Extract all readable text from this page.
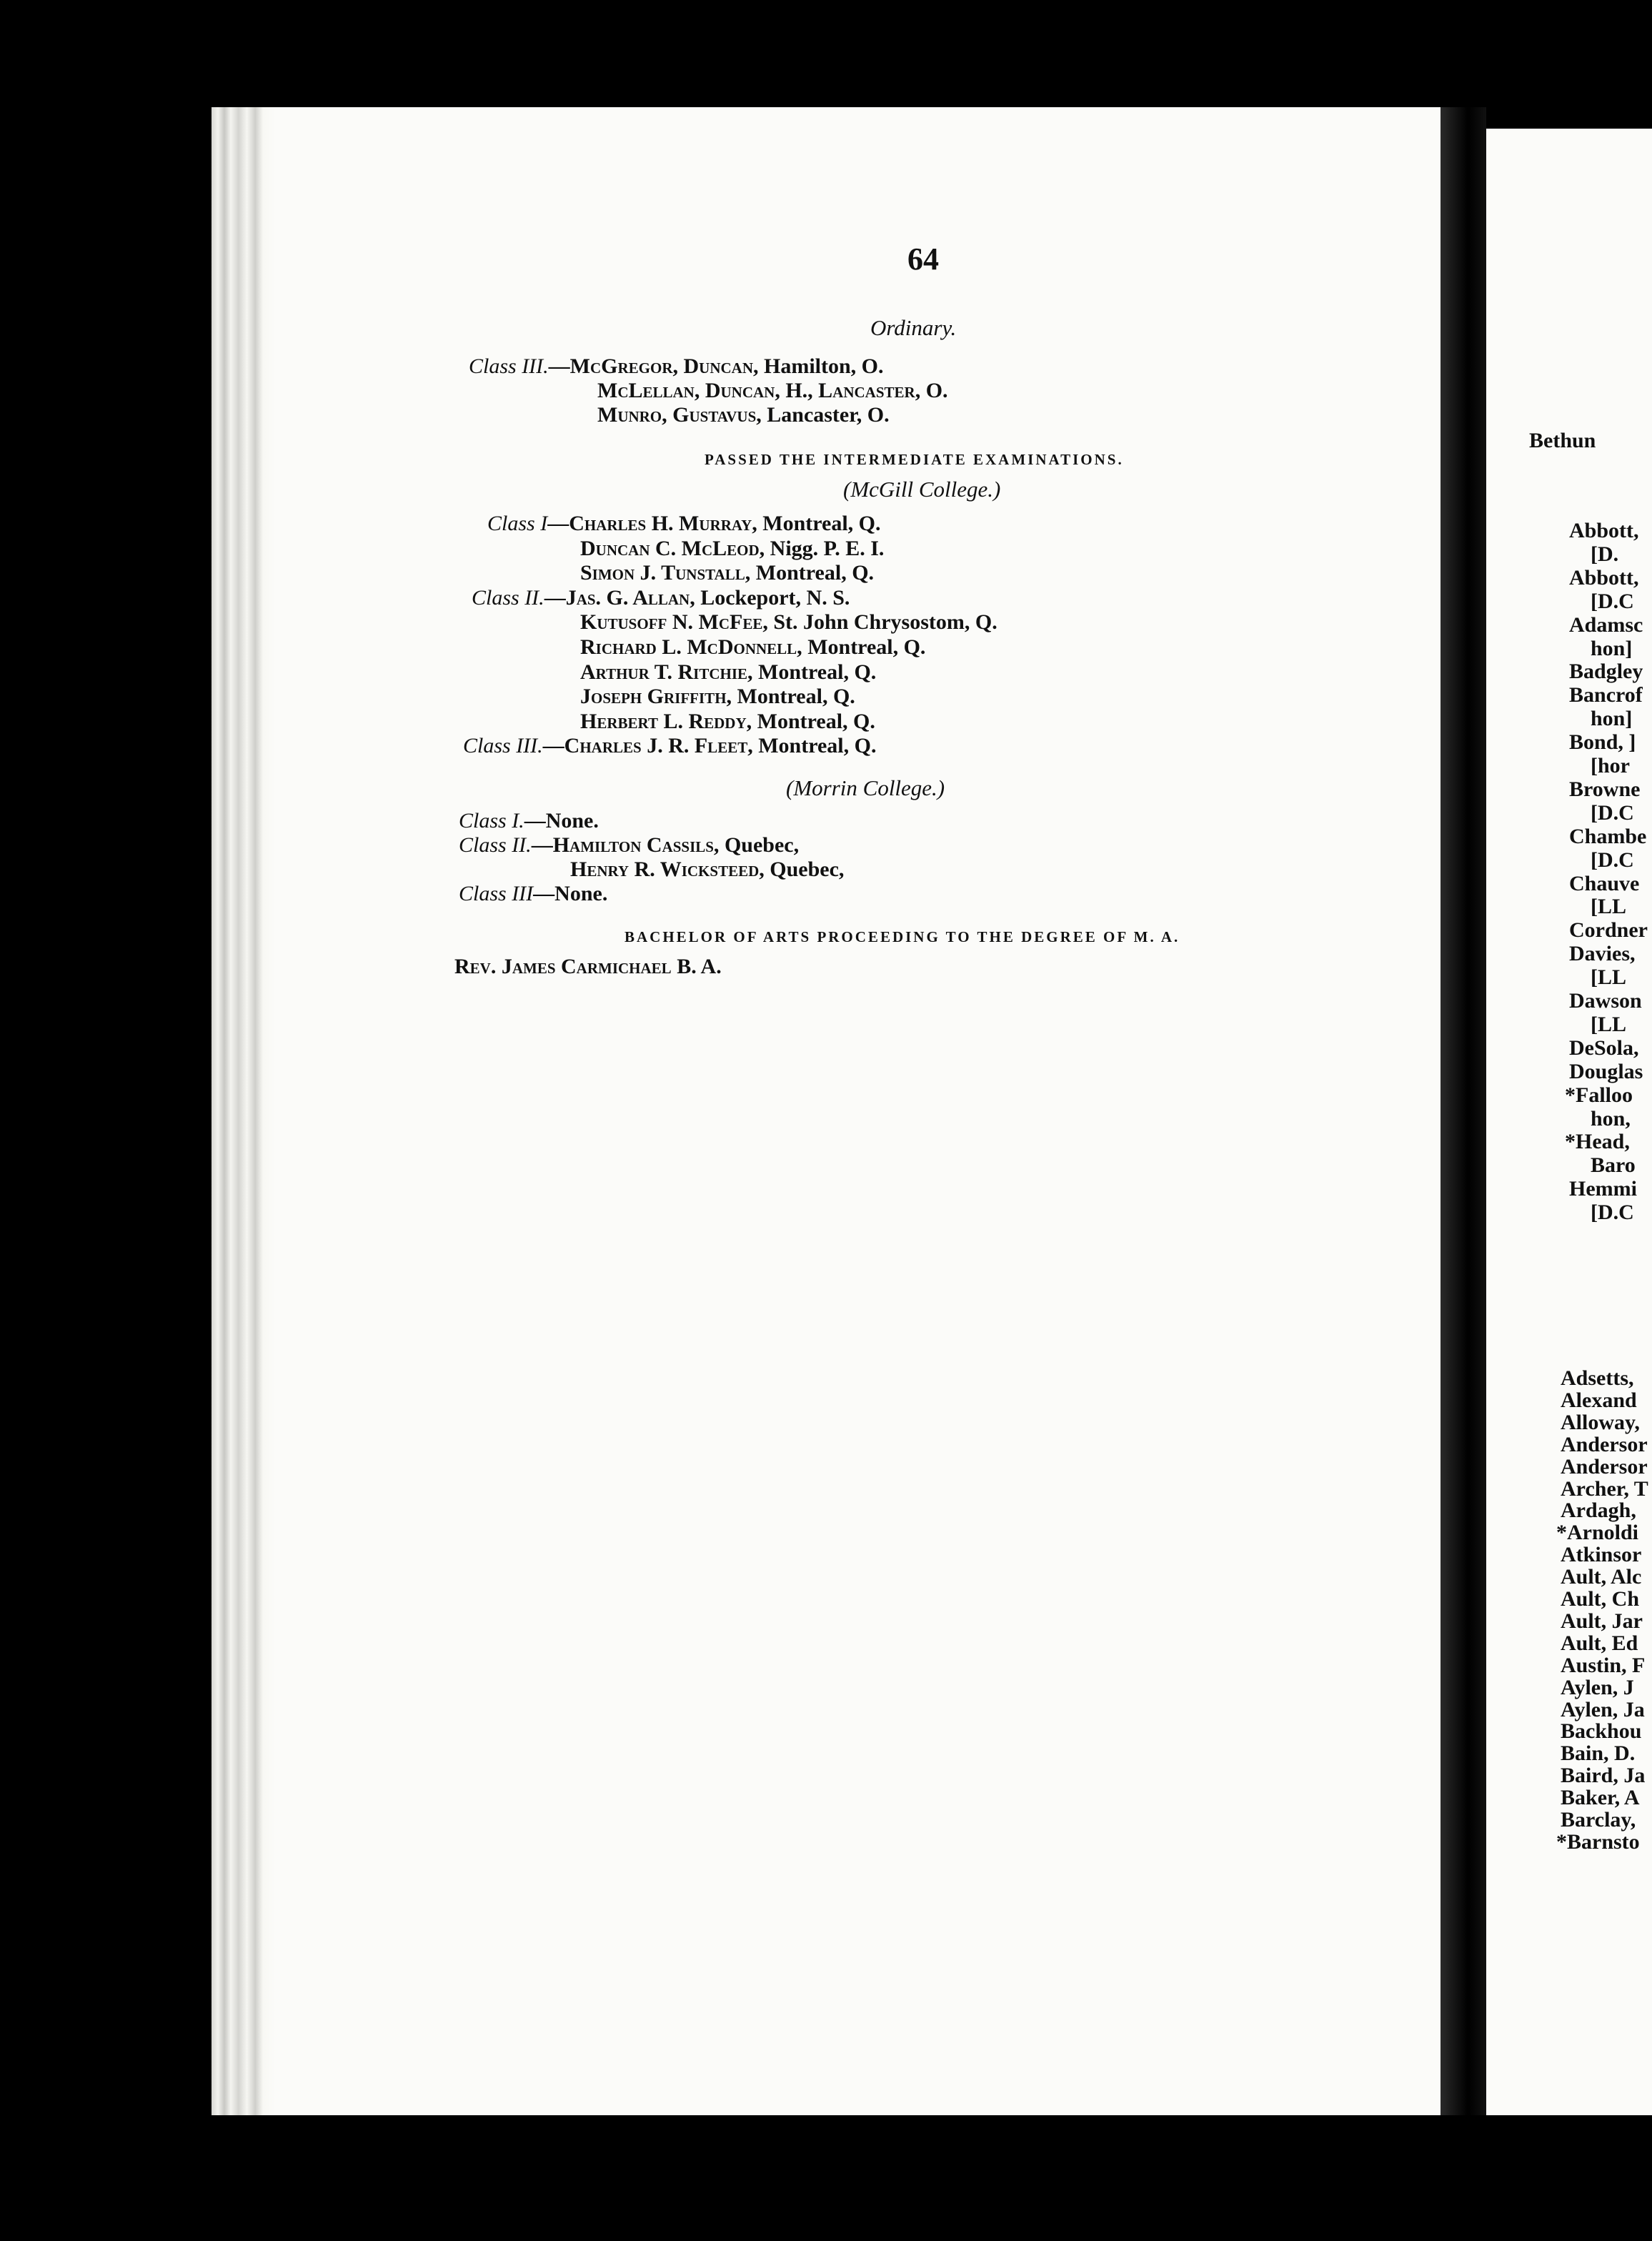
64
Ordinary.
Class III.—McGregor, Duncan, Hamilton, O.
McLellan, Duncan, H., Lancaster, O.
Munro, Gustavus, Lancaster, O.
PASSED THE INTERMEDIATE EXAMINATIONS.
(McGill College.)
Class I—Charles H. Murray, Montreal, Q.
Duncan C. McLeod, Nigg. P. E. I.
Simon J. Tunstall, Montreal, Q.
Class II.—Jas. G. Allan, Lockeport, N. S.
Kutusoff N. McFee, St. John Chrysostom, Q.
Richard L. McDonnell, Montreal, Q.
Arthur T. Ritchie, Montreal, Q.
Joseph Griffith, Montreal, Q.
Herbert L. Reddy, Montreal, Q.
Class III.—Charles J. R. Fleet, Montreal, Q.
(Morrin College.)
Class I.—None.
Class II.—Hamilton Cassils, Quebec,
Henry R. Wickstеed, Quebec,
Class III—None.
BACHELOR OF ARTS PROCEEDING TO THE DEGREE OF M. A.
Rev. James Carmichael B. A.
Bethun
Abbott,
[D.
Abbott,
[D.C
Adamsc
hon]
Badgley
Bancrof
hon]
Bond, ]
[hor
Browne
[D.C
Chambe
[D.C
Chauve
[LL
Cordner
Davies,
[LL
Dawson
[LL
DeSola,
Douglas
*Falloo
hon,
*Head,
Baro
Hemmi
[D.C
Adsetts,
Alexand
Alloway,
Andersor
Andersor
Archer, T
Ardagh,
*Arnoldi
Atkinsor
Ault, Alc
Ault, Ch
Ault, Jar
Ault, Ed
Austin, F
Aylen, J
Aylen, Ja
Backhou
Bain, D.
Baird, Ja
Baker, A
Barclay,
*Barnsto
